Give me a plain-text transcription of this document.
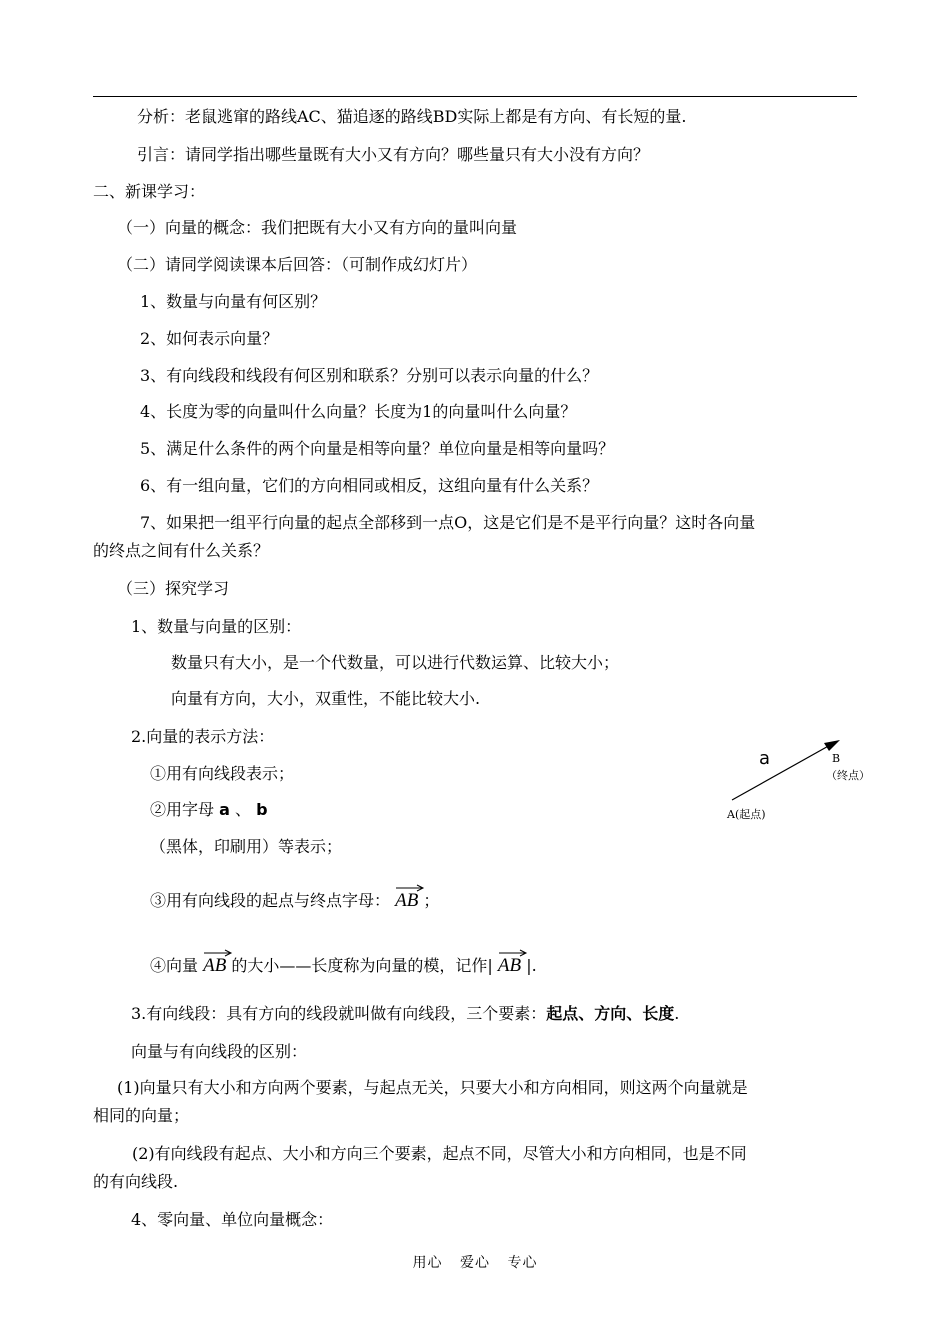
分析：老鼠逃窜的路线AC、猫追逐的路线BD实际上都是有方向、有长短的量.
引言：请同学指出哪些量既有大小又有方向？哪些量只有大小没有方向？
二、新课学习：
（一）向量的概念：我们把既有大小又有方向的量叫向量
（二）请同学阅读课本后回答：（可制作成幻灯片）
1、数量与向量有何区别？
2、如何表示向量？
3、有向线段和线段有何区别和联系？分别可以表示向量的什么？
4、长度为零的向量叫什么向量？长度为1的向量叫什么向量？
5、满足什么条件的两个向量是相等向量？单位向量是相等向量吗？
6、有一组向量，它们的方向相同或相反，这组向量有什么关系？
7、如果把一组平行向量的起点全部移到一点O，这是它们是不是平行向量？这时各向量
的终点之间有什么关系？
（三）探究学习
1、数量与向量的区别：
数量只有大小，是一个代数量，可以进行代数运算、比较大小；
向量有方向，大小，双重性，不能比较大小.
2.向量的表示方法：
①用有向线段表示；
②用字母 a 、 b
（黑体，印刷用）等表示；
③用有向线段的起点与终点字母： AB ；
④向量 AB 的大小——长度称为向量的模，记作| AB |.
a	B
（终点）
A(起点)
3.有向线段：具有方向的线段就叫做有向线段，三个要素：起点、方向、长度.
向量与有向线段的区别：
(1)向量只有大小和方向两个要素，与起点无关，只要大小和方向相同，则这两个向量就是
相同的向量；
(2)有向线段有起点、大小和方向三个要素，起点不同，尽管大小和方向相同，也是不同
的有向线段.
4、零向量、单位向量概念：
用心 爱心 专心
